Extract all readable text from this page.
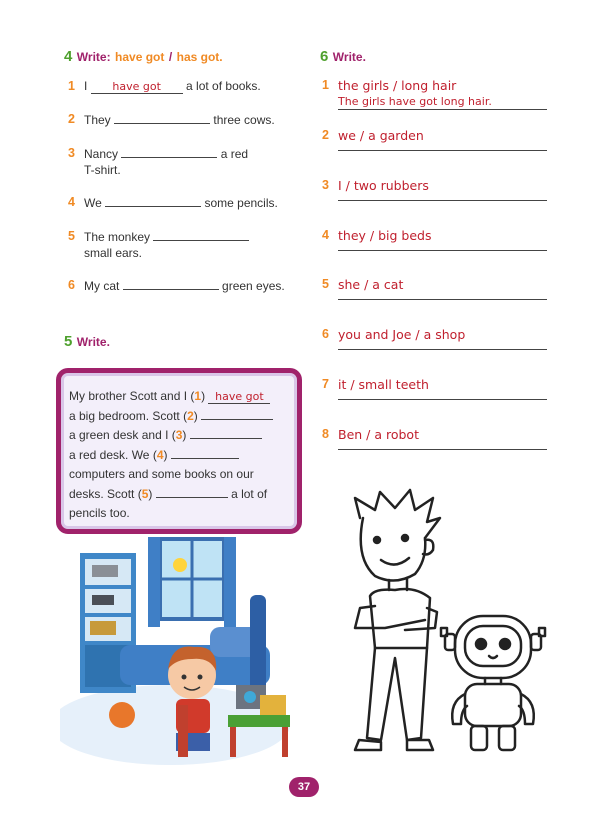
4 Write: have got / has got.
1 I have got a lot of books.
2 They	three cows.
3 Nancy	a red
T-shirt.
4 We	some pencils.
5 The monkey
small ears.
6 My cat	green eyes.
5 Write.
My brother Scott and I (1) have got
a big bedroom. Scott (2)
a green desk and I (3)
a red desk. We (4)
computers and some books on our
desks. Scott (5)	a lot of
pencils too.
6 Write.
1 the girls / long hair
The girls have got long hair.
2 we / a garden
3 I / two rubbers
4 they / big beds
5 she / a cat
6 you and Joe / a shop
7 it / small teeth
8 Ben / a robot
37
